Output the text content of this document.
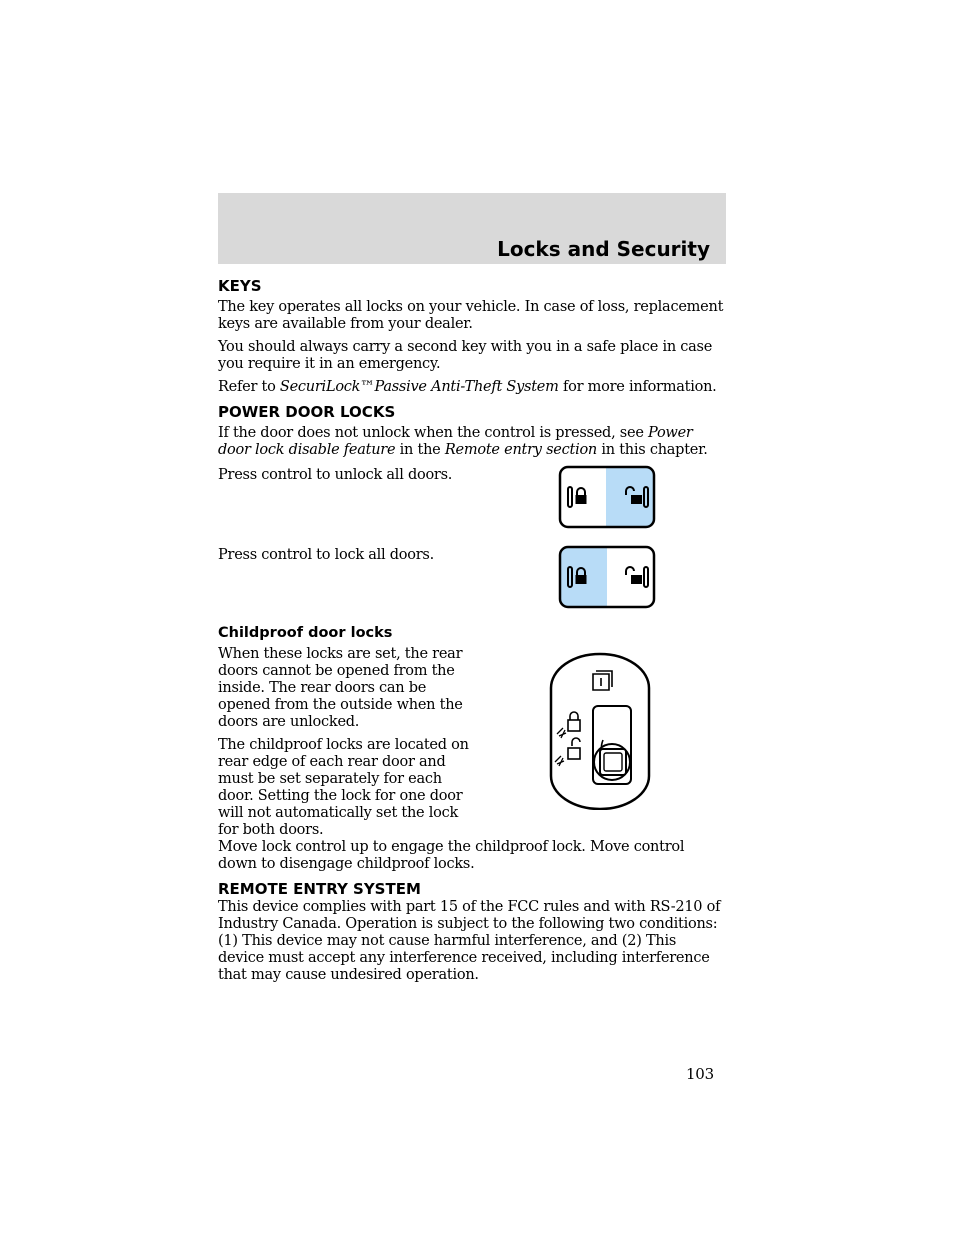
Locks and Security
KEYS

The key operates all locks on your vehicle. In case of loss, replacement keys are available from your dealer.

You should always carry a second key with you in a safe place in case you require it in an emergency.

Refer to SecuriLock™Passive Anti-Theft System for more information.

POWER DOOR LOCKS

If the door does not unlock when the control is pressed, see Power door lock disable feature in the Remote entry section in this chapter.

Press control to unlock all doors.

Press control to lock all doors.

Childproof door locks

When these locks are set, the rear doors cannot be opened from the inside. The rear doors can be opened from the outside when the doors are unlocked.

The childproof locks are located on rear edge of each rear door and must be set separately for each door. Setting the lock for one door will not automatically set the lock for both doors.

Move lock control up to engage the childproof lock. Move control down to disengage childproof locks.

REMOTE ENTRY SYSTEM

This device complies with part 15 of the FCC rules and with RS-210 of Industry Canada. Operation is subject to the following two conditions: (1) This device may not cause harmful interference, and (2) This device must accept any interference received, including interference that may cause undesired operation.

103
